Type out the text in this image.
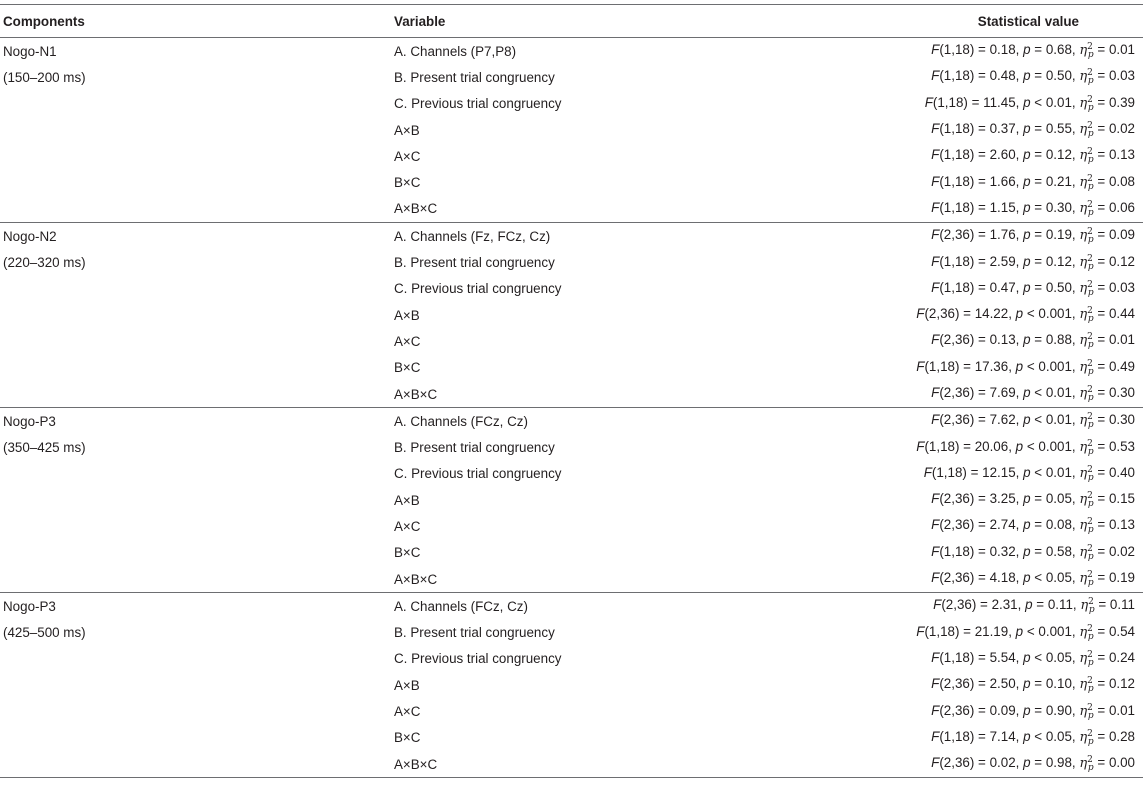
Components	Variable	Statistical value
Nogo-N1	A. Channels (P7,P8)	F(1,18) = 0.18, p = 0.68, $\eta^2_p = 0.01$
(150–200 ms)	B. Present trial congruency	F(1,18) = 0.48, p = 0.50, $\eta^2_p = 0.03$
	C. Previous trial congruency	F(1,18) = 11.45, p < 0.01, $\eta^2_p = 0.39$
	A×B	F(1,18) = 0.37, p = 0.55, $\eta^2_p = 0.02$
	A×C	F(1,18) = 2.60, p = 0.12, $\eta^2_p = 0.13$
	B×C	F(1,18) = 1.66, p = 0.21, $\eta^2_p = 0.08$
	A×B×C	F(1,18) = 1.15, p = 0.30, $\eta^2_p = 0.06$
Nogo-N2	A. Channels (Fz, FCz, Cz)	F(2,36) = 1.76, p = 0.19, $\eta^2_p = 0.09$
(220–320 ms)	B. Present trial congruency	F(1,18) = 2.59, p = 0.12, $\eta^2_p = 0.12$
	C. Previous trial congruency	F(1,18) = 0.47, p = 0.50, $\eta^2_p = 0.03$
	A×B	F(2,36) = 14.22, p < 0.001, $\eta^2_p = 0.44$
	A×C	F(2,36) = 0.13, p = 0.88, $\eta^2_p = 0.01$
	B×C	F(1,18) = 17.36, p < 0.001, $\eta^2_p = 0.49$
	A×B×C	F(2,36) = 7.69, p < 0.01, $\eta^2_p = 0.30$
Nogo-P3	A. Channels (FCz, Cz)	F(2,36) = 7.62, p < 0.01, $\eta^2_p = 0.30$
(350–425 ms)	B. Present trial congruency	F(1,18) = 20.06, p < 0.001, $\eta^2_p = 0.53$
	C. Previous trial congruency	F(1,18) = 12.15, p < 0.01, $\eta^2_p = 0.40$
	A×B	F(2,36) = 3.25, p = 0.05, $\eta^2_p = 0.15$
	A×C	F(2,36) = 2.74, p = 0.08, $\eta^2_p = 0.13$
	B×C	F(1,18) = 0.32, p = 0.58, $\eta^2_p = 0.02$
	A×B×C	F(2,36) = 4.18, p < 0.05, $\eta^2_p = 0.19$
Nogo-P3	A. Channels (FCz, Cz)	F(2,36) = 2.31, p = 0.11, $\eta^2_p = 0.11$
(425–500 ms)	B. Present trial congruency	F(1,18) = 21.19, p < 0.001, $\eta^2_p = 0.54$
	C. Previous trial congruency	F(1,18) = 5.54, p < 0.05, $\eta^2_p = 0.24$
	A×B	F(2,36) = 2.50, p = 0.10, $\eta^2_p = 0.12$
	A×C	F(2,36) = 0.09, p = 0.90, $\eta^2_p = 0.01$
	B×C	F(1,18) = 7.14, p < 0.05, $\eta^2_p = 0.28$
	A×B×C	F(2,36) = 0.02, p = 0.98, $\eta^2_p = 0.00$
